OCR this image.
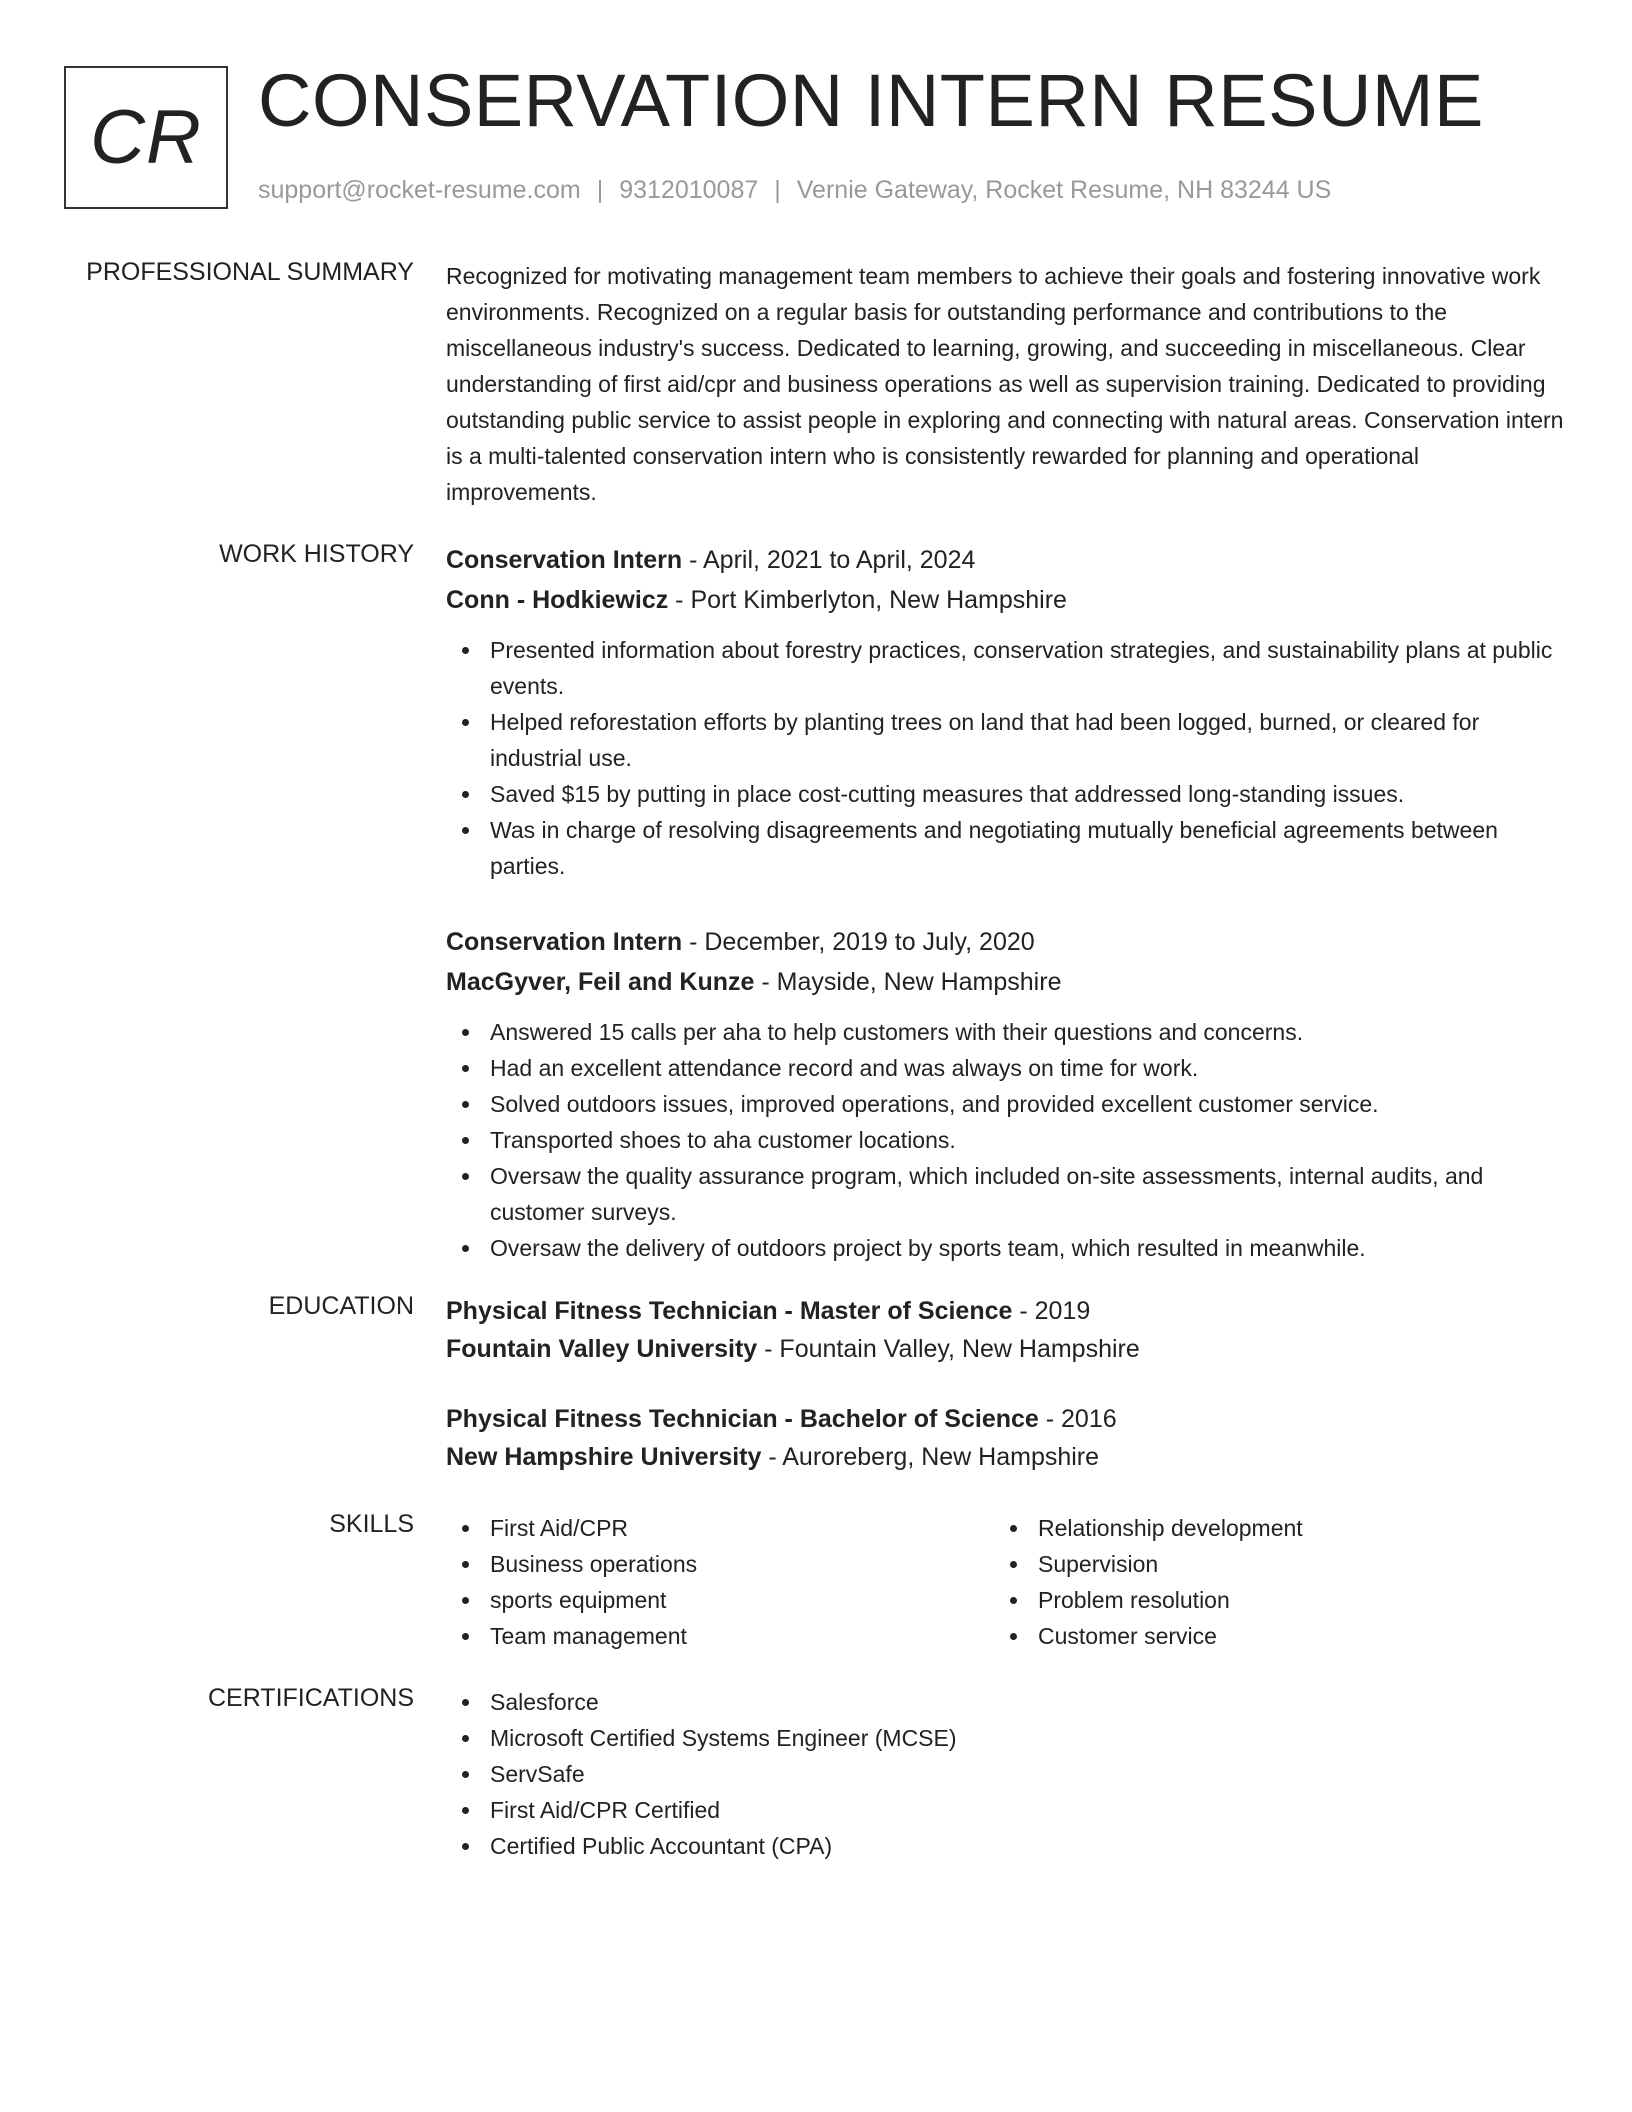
CR CONSERVATION INTERN RESUME
support@rocket-resume.com | 9312010087 | Vernie Gateway, Rocket Resume, NH 83244 US
PROFESSIONAL SUMMARY Recognized for motivating management team members to achieve their goals and fostering innovative work environments. Recognized on a regular basis for outstanding performance and contributions to the miscellaneous industry's success. Dedicated to learning, growing, and succeeding in miscellaneous. Clear understanding of first aid/cpr and business operations as well as supervision training. Dedicated to providing outstanding public service to assist people in exploring and connecting with natural areas. Conservation intern is a multi-talented conservation intern who is consistently rewarded for planning and operational improvements.

WORK HISTORY Conservation Intern - April, 2021 to April, 2024
Conn - Hodkiewicz - Port Kimberlyton, New Hampshire
Presented information about forestry practices, conservation strategies, and sustainability plans at public events.
Helped reforestation efforts by planting trees on land that had been logged, burned, or cleared for industrial use.
Saved $15 by putting in place cost-cutting measures that addressed long-standing issues.
Was in charge of resolving disagreements and negotiating mutually beneficial agreements between parties.
Conservation Intern - December, 2019 to July, 2020
MacGyver, Feil and Kunze - Mayside, New Hampshire
Answered 15 calls per aha to help customers with their questions and concerns.
Had an excellent attendance record and was always on time for work.
Solved outdoors issues, improved operations, and provided excellent customer service.
Transported shoes to aha customer locations.
Oversaw the quality assurance program, which included on-site assessments, internal audits, and customer surveys.
Oversaw the delivery of outdoors project by sports team, which resulted in meanwhile.
EDUCATION Physical Fitness Technician - Master of Science - 2019
Fountain Valley University - Fountain Valley, New Hampshire
Physical Fitness Technician - Bachelor of Science - 2016
New Hampshire University - Auroreberg, New Hampshire
SKILLS	First Aid/CPR
Business operations
sports equipment
Team management
Relationship development
Supervision
Problem resolution
Customer service
CERTIFICATIONS	Salesforce
Microsoft Certified Systems Engineer (MCSE)
ServSafe
First Aid/CPR Certified
Certified Public Accountant (CPA)
